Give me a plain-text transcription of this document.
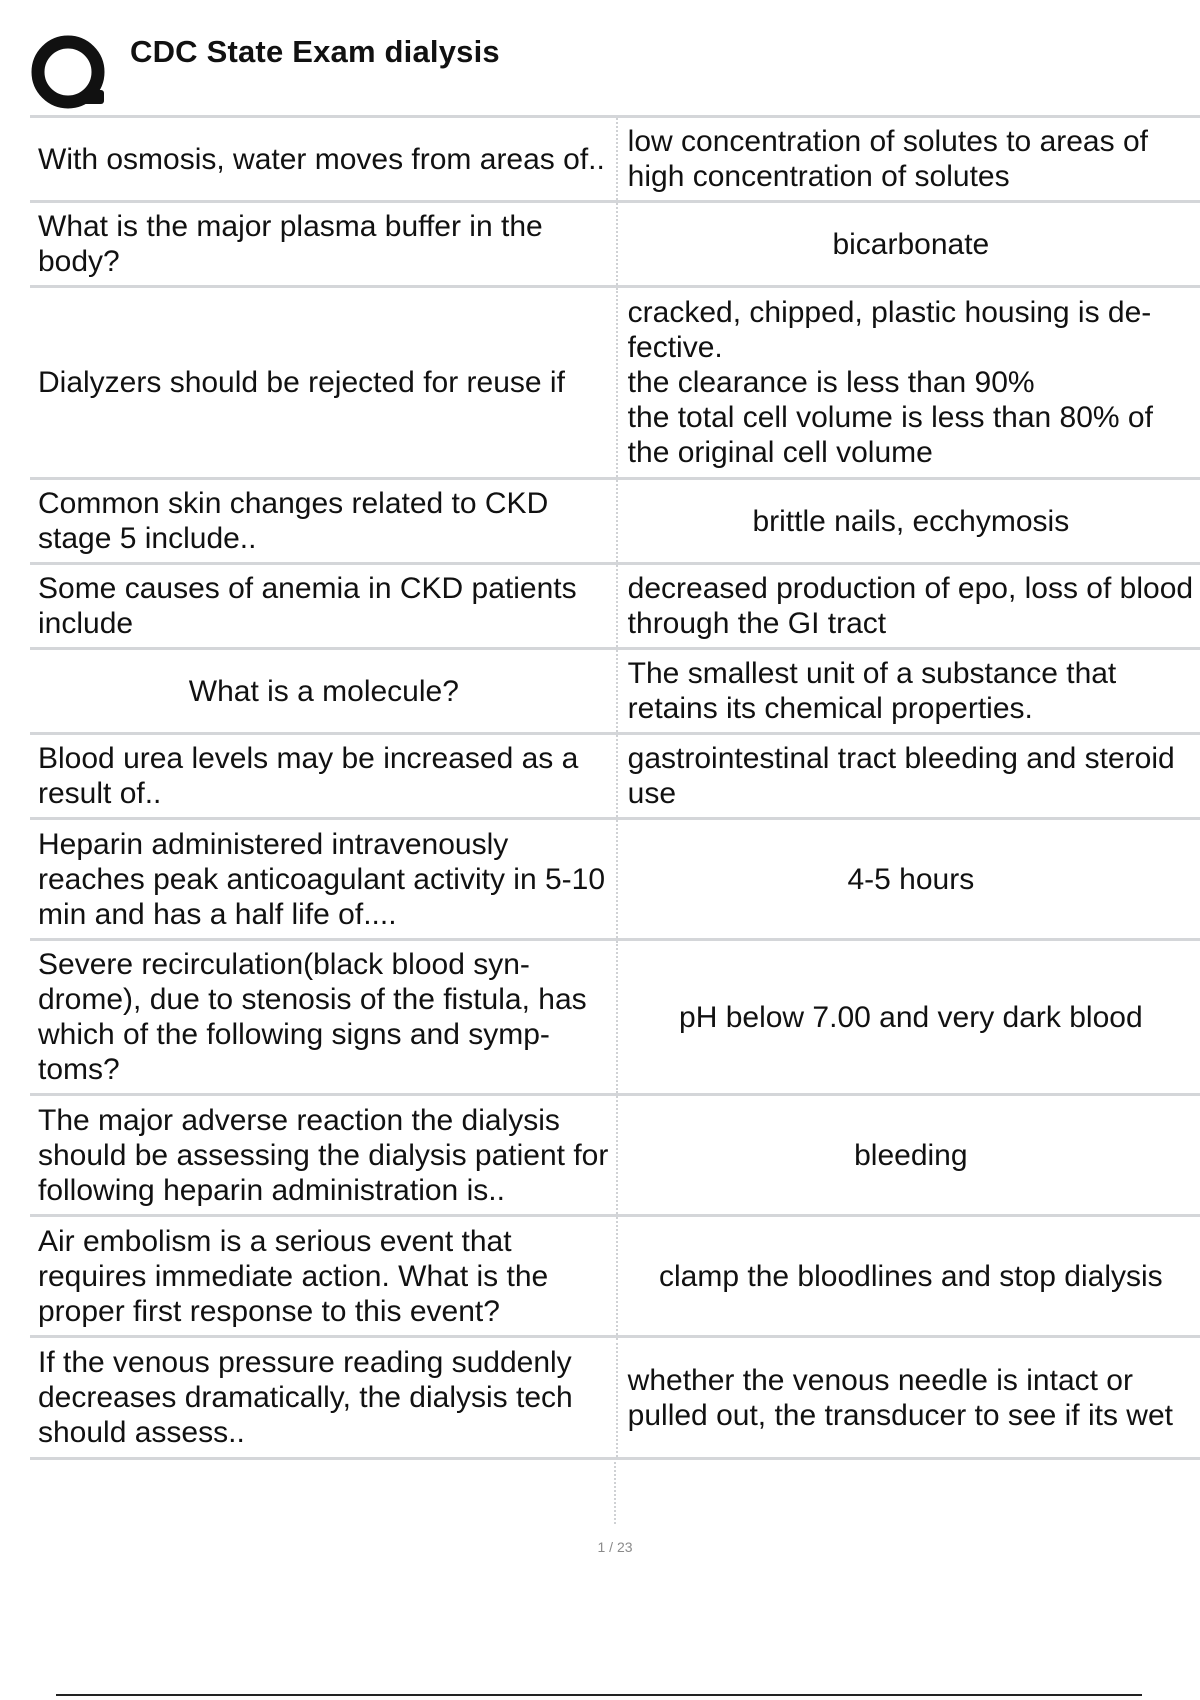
CDC State Exam dialysis
With osmosis, water moves from areas of..	low concentration of solutes to areas of high concentration of solutes
What is the major plasma buffer in the body?	bicarbonate
Dialyzers should be rejected for reuse if	cracked, chipped, plastic housing is de-
fective.
the clearance is less than 90%
the total cell volume is less than 80% of the original cell volume
Common skin changes related to CKD stage 5 include..	brittle nails, ecchymosis
Some causes of anemia in CKD patients include	decreased production of epo, loss of blood through the GI tract
What is a molecule?	The smallest unit of a substance that retains its chemical properties.
Blood urea levels may be increased as a result of..	gastrointestinal tract bleeding and steroid use
Heparin administered intravenously reaches peak anticoagulant activity in 5-10 min and has a half life of....	4-5 hours
Severe recirculation(black blood syn-
drome), due to stenosis of the fistula, has which of the following signs and symp-
toms?	pH below 7.00 and very dark blood
The major adverse reaction the dialysis should be assessing the dialysis patient for following heparin administration is..	bleeding
Air embolism is a serious event that requires immediate action. What is the proper first response to this event?	clamp the bloodlines and stop dialysis
If the venous pressure reading suddenly decreases dramatically, the dialysis tech should assess..	whether the venous needle is intact or pulled out, the transducer to see if its wet
1 / 23
